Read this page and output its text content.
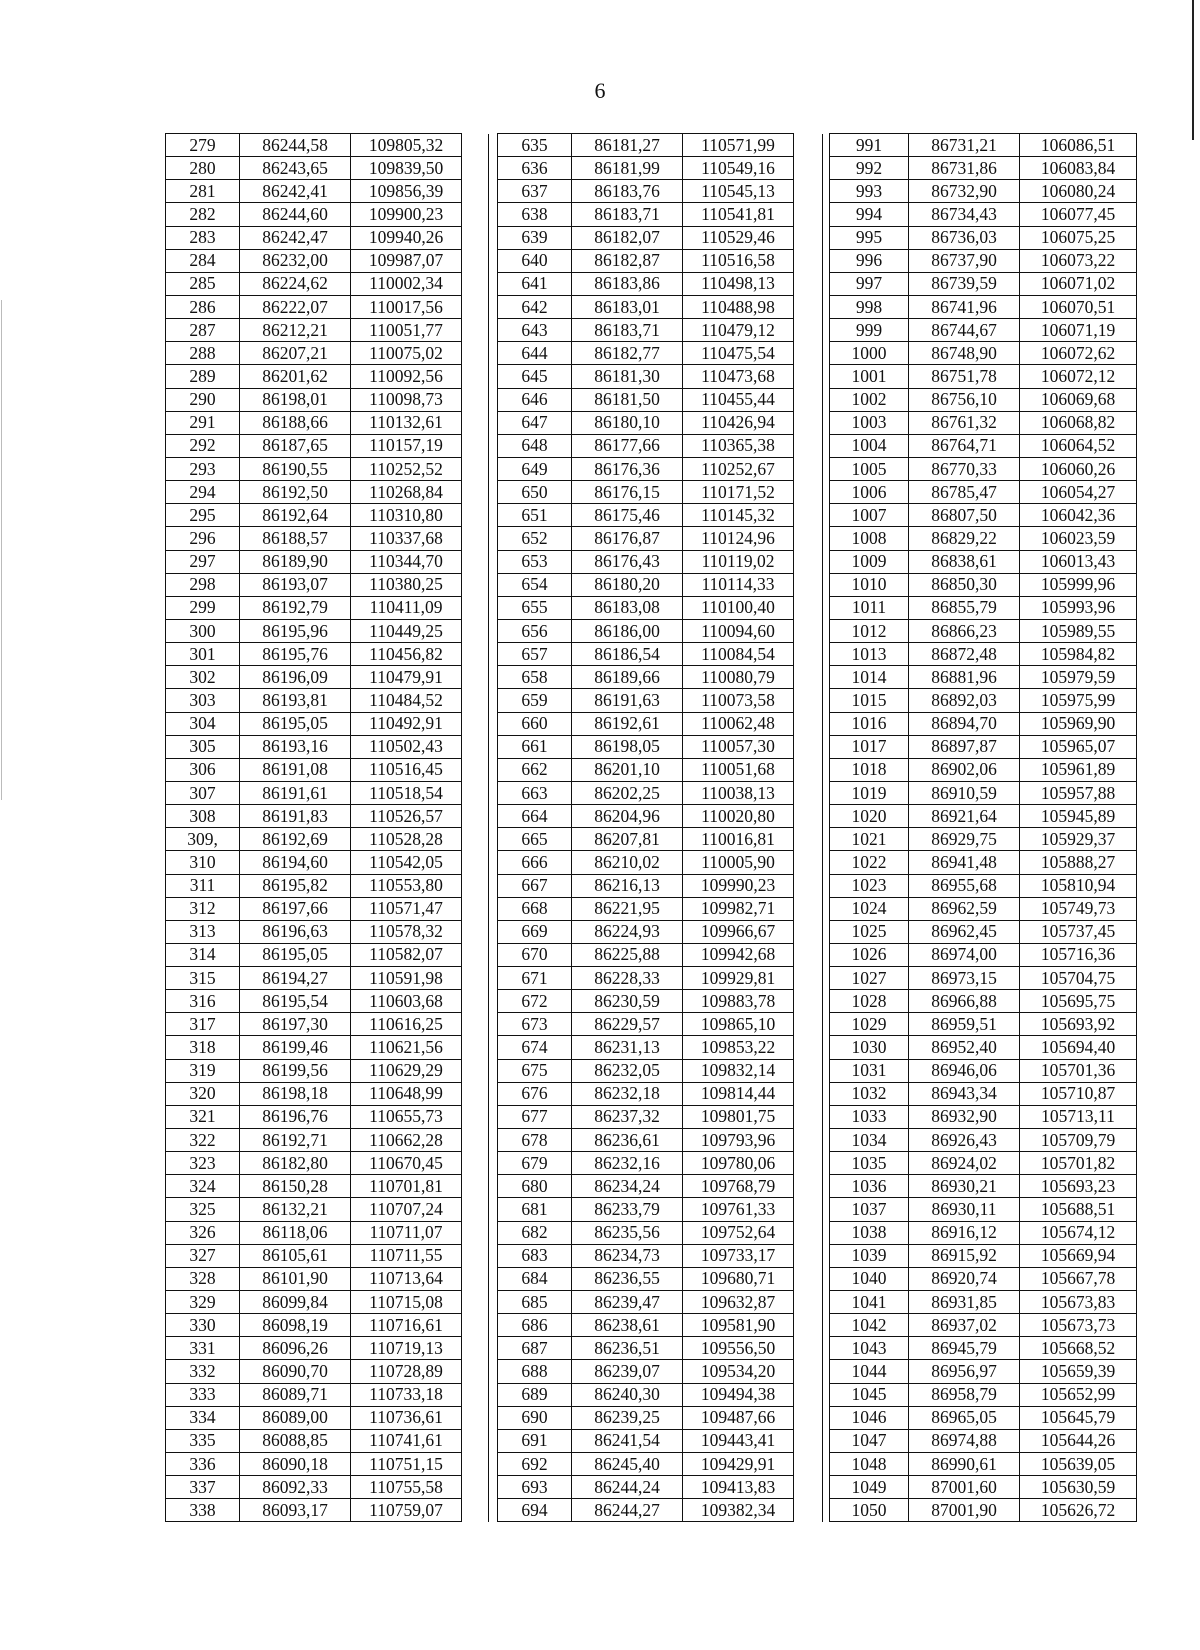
6
279	86244,58	109805,32	
280	86243,65	109839,50	
281	86242,41	109856,39	
282	86244,60	109900,23	
283	86242,47	109940,26	
284	86232,00	109987,07	
285	86224,62	110002,34	
286	86222,07	110017,56	
287	86212,21	110051,77	
288	86207,21	110075,02	
289	86201,62	110092,56	
290	86198,01	110098,73	
291	86188,66	110132,61	
292	86187,65	110157,19	
293	86190,55	110252,52	
294	86192,50	110268,84	
295	86192,64	110310,80	
296	86188,57	110337,68	
297	86189,90	110344,70	
298	86193,07	110380,25	
299	86192,79	110411,09	
300	86195,96	110449,25	
301	86195,76	110456,82	
302	86196,09	110479,91	
303	86193,81	110484,52	
304	86195,05	110492,91	
305	86193,16	110502,43	
306	86191,08	110516,45	
307	86191,61	110518,54	
308	86191,83	110526,57	
309,	86192,69	110528,28	
310	86194,60	110542,05	
311	86195,82	110553,80	
312	86197,66	110571,47	
313	86196,63	110578,32	
314	86195,05	110582,07	
315	86194,27	110591,98	
316	86195,54	110603,68	
317	86197,30	110616,25	
318	86199,46	110621,56	
319	86199,56	110629,29	
320	86198,18	110648,99	
321	86196,76	110655,73	
322	86192,71	110662,28	
323	86182,80	110670,45	
324	86150,28	110701,81	
325	86132,21	110707,24	
326	86118,06	110711,07	
327	86105,61	110711,55	
328	86101,90	110713,64	
329	86099,84	110715,08	
330	86098,19	110716,61	
331	86096,26	110719,13	
332	86090,70	110728,89	
333	86089,71	110733,18	
334	86089,00	110736,61	
335	86088,85	110741,61	
336	86090,18	110751,15	
337	86092,33	110755,58	
338	86093,17	110759,07	
635	86181,27	110571,99	
636	86181,99	110549,16	
637	86183,76	110545,13	
638	86183,71	110541,81	
639	86182,07	110529,46	
640	86182,87	110516,58	
641	86183,86	110498,13	
642	86183,01	110488,98	
643	86183,71	110479,12	
644	86182,77	110475,54	
645	86181,30	110473,68	
646	86181,50	110455,44	
647	86180,10	110426,94	
648	86177,66	110365,38	
649	86176,36	110252,67	
650	86176,15	110171,52	
651	86175,46	110145,32	
652	86176,87	110124,96	
653	86176,43	110119,02	
654	86180,20	110114,33	
655	86183,08	110100,40	
656	86186,00	110094,60	
657	86186,54	110084,54	
658	86189,66	110080,79	
659	86191,63	110073,58	
660	86192,61	110062,48	
661	86198,05	110057,30	
662	86201,10	110051,68	
663	86202,25	110038,13	
664	86204,96	110020,80	
665	86207,81	110016,81	
666	86210,02	110005,90	
667	86216,13	109990,23	
668	86221,95	109982,71	
669	86224,93	109966,67	
670	86225,88	109942,68	
671	86228,33	109929,81	
672	86230,59	109883,78	
673	86229,57	109865,10	
674	86231,13	109853,22	
675	86232,05	109832,14	
676	86232,18	109814,44	
677	86237,32	109801,75	
678	86236,61	109793,96	
679	86232,16	109780,06	
680	86234,24	109768,79	
681	86233,79	109761,33	
682	86235,56	109752,64	
683	86234,73	109733,17	
684	86236,55	109680,71	
685	86239,47	109632,87	
686	86238,61	109581,90	
687	86236,51	109556,50	
688	86239,07	109534,20	
689	86240,30	109494,38	
690	86239,25	109487,66	
691	86241,54	109443,41	
692	86245,40	109429,91	
693	86244,24	109413,83	
694	86244,27	109382,34	
991	86731,21	106086,51
992	86731,86	106083,84
993	86732,90	106080,24
994	86734,43	106077,45
995	86736,03	106075,25
996	86737,90	106073,22
997	86739,59	106071,02
998	86741,96	106070,51
999	86744,67	106071,19
1000	86748,90	106072,62
1001	86751,78	106072,12
1002	86756,10	106069,68
1003	86761,32	106068,82
1004	86764,71	106064,52
1005	86770,33	106060,26
1006	86785,47	106054,27
1007	86807,50	106042,36
1008	86829,22	106023,59
1009	86838,61	106013,43
1010	86850,30	105999,96
1011	86855,79	105993,96
1012	86866,23	105989,55
1013	86872,48	105984,82
1014	86881,96	105979,59
1015	86892,03	105975,99
1016	86894,70	105969,90
1017	86897,87	105965,07
1018	86902,06	105961,89
1019	86910,59	105957,88
1020	86921,64	105945,89
1021	86929,75	105929,37
1022	86941,48	105888,27
1023	86955,68	105810,94
1024	86962,59	105749,73
1025	86962,45	105737,45
1026	86974,00	105716,36
1027	86973,15	105704,75
1028	86966,88	105695,75
1029	86959,51	105693,92
1030	86952,40	105694,40
1031	86946,06	105701,36
1032	86943,34	105710,87
1033	86932,90	105713,11
1034	86926,43	105709,79
1035	86924,02	105701,82
1036	86930,21	105693,23
1037	86930,11	105688,51
1038	86916,12	105674,12
1039	86915,92	105669,94
1040	86920,74	105667,78
1041	86931,85	105673,83
1042	86937,02	105673,73
1043	86945,79	105668,52
1044	86956,97	105659,39
1045	86958,79	105652,99
1046	86965,05	105645,79
1047	86974,88	105644,26
1048	86990,61	105639,05
1049	87001,60	105630,59
1050	87001,90	105626,72
